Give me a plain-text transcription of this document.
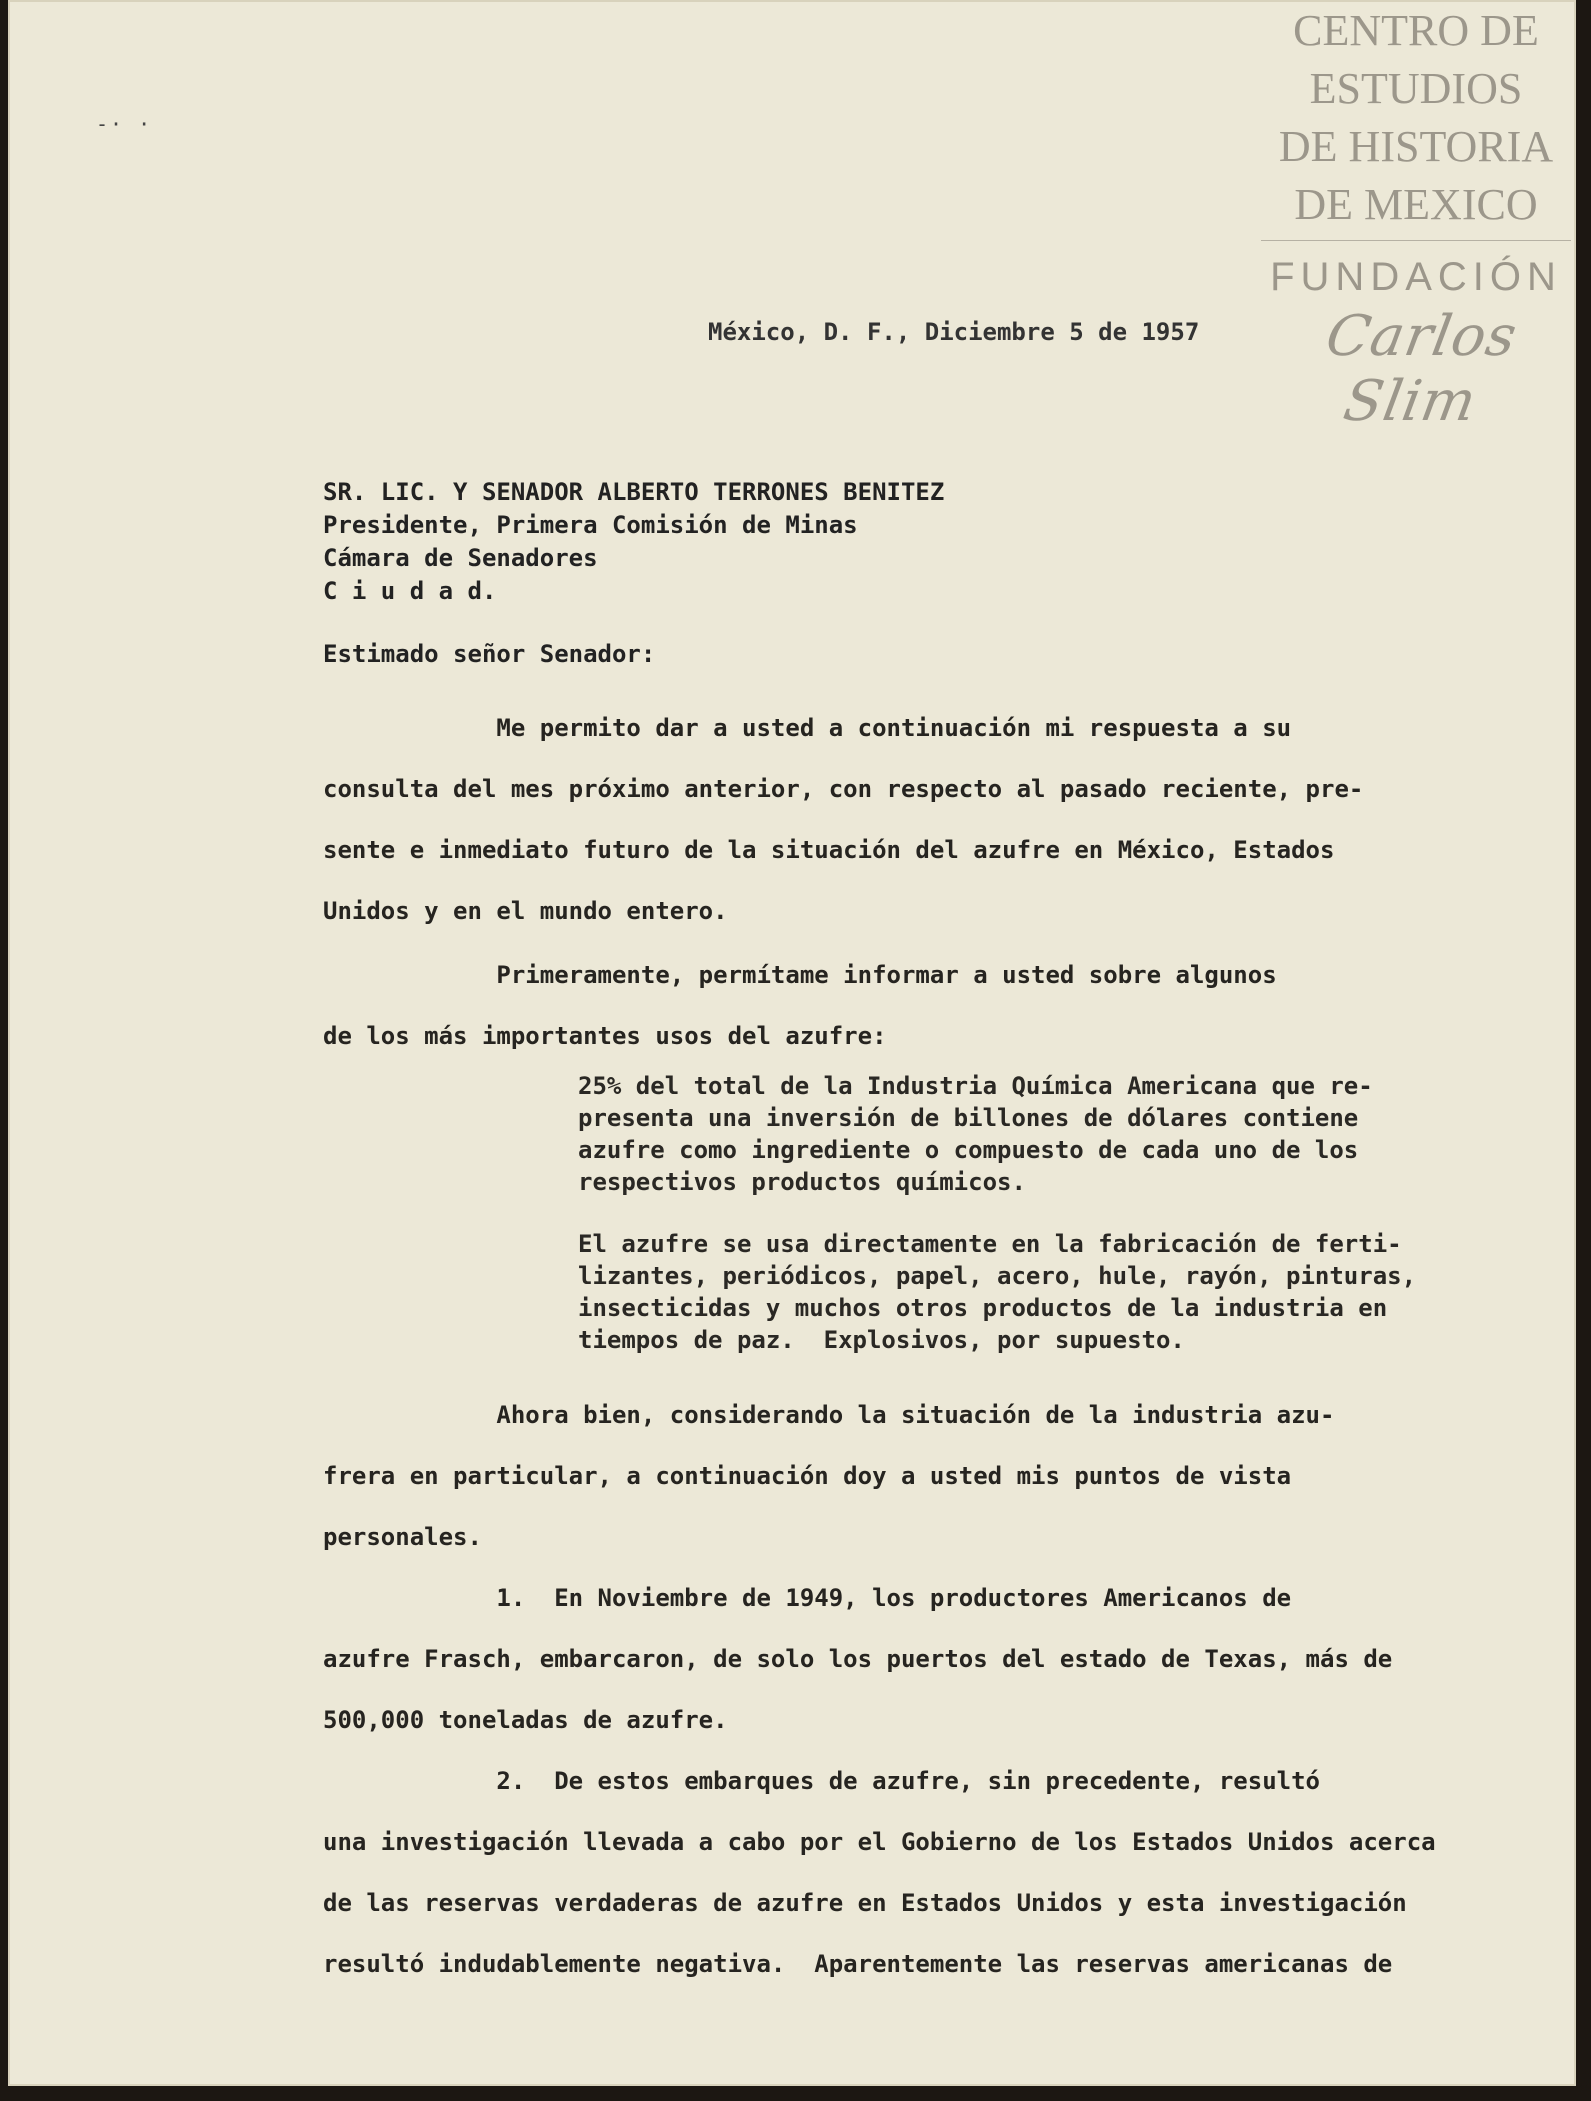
-· ·
CENTRO DE
ESTUDIOS
DE HISTORIA
DE MEXICO
FUNDACIÓN
Carlos Slim
México, D. F., Diciembre 5 de 1957
SR. LIC. Y SENADOR ALBERTO TERRONES BENITEZ
Presidente, Primera Comisión de Minas
Cámara de Senadores
C i u d a d.
Estimado señor Senador:
Me permito dar a usted a continuación mi respuesta a su
consulta del mes próximo anterior, con respecto al pasado reciente, pre-
sente e inmediato futuro de la situación del azufre en México, Estados
Unidos y en el mundo entero.
Primeramente, permítame informar a usted sobre algunos
de los más importantes usos del azufre:
25% del total de la Industria Química Americana que re-
presenta una inversión de billones de dólares contiene
azufre como ingrediente o compuesto de cada uno de los
respectivos productos químicos.
El azufre se usa directamente en la fabricación de ferti-
lizantes, periódicos, papel, acero, hule, rayón, pinturas,
insecticidas y muchos otros productos de la industria en
tiempos de paz.  Explosivos, por supuesto.
Ahora bien, considerando la situación de la industria azu-
frera en particular, a continuación doy a usted mis puntos de vista
personales.
1.  En Noviembre de 1949, los productores Americanos de
azufre Frasch, embarcaron, de solo los puertos del estado de Texas, más de
500,000 toneladas de azufre.
2.  De estos embarques de azufre, sin precedente, resultó
una investigación llevada a cabo por el Gobierno de los Estados Unidos acerca
de las reservas verdaderas de azufre en Estados Unidos y esta investigación
resultó indudablemente negativa.  Aparentemente las reservas americanas de
